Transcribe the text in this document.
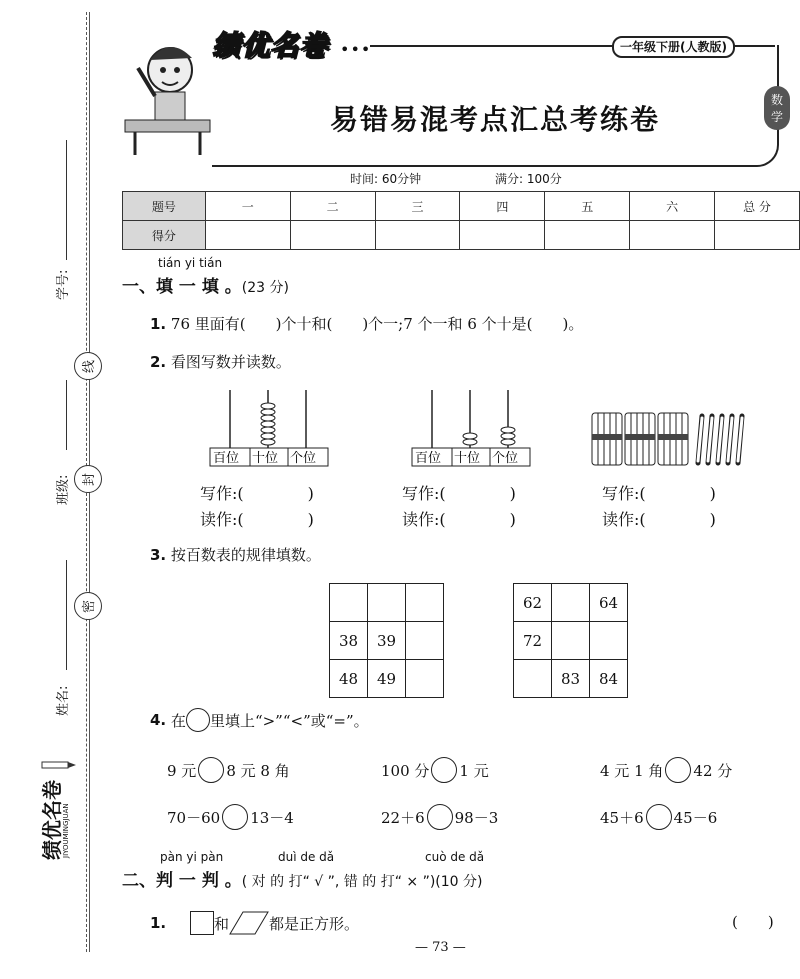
学号:
线
班级: 封
密
姓名:
绩优名卷
JIYOUMINGJUAN
绩优名卷 •••	一年级下册(人教版)
易错易混考点汇总考练卷
数
学
时间: 60分钟	满分: 100分
题号	一	二	三	四	五	六	总 分
得分							
tián yi tián
一、填 一 填 。(23 分)
1. 76 里面有(　　)个十和(　　)个一;7 个一和 6 个十是(　　)。
2. 看图写数并读数。
百位 十位 个位	百位 十位 个位
写作:(　　　　)
读作:(　　　　)
写作:(　　　　)
读作:(　　　　)
写作:(　　　　)
读作:(　　　　)
3. 按百数表的规律填数。

38	39	
48	49	
62		64
72		
	83	84
4.
在 里填上“>”“<”或“=”。
9 元 8 元 8 角	100 分 1 元	4 元 1 角 42 分
70－60 13－4	22＋6 98－3	45＋6 45－6
pàn yi pàn	duì de dǎ	cuò de dǎ
二、判 一 判 。( 对 的 打“ √ ”, 错 的 打“ × ”)(10 分)
1.
	和	都是正方形。	(　　)
— 73 —
